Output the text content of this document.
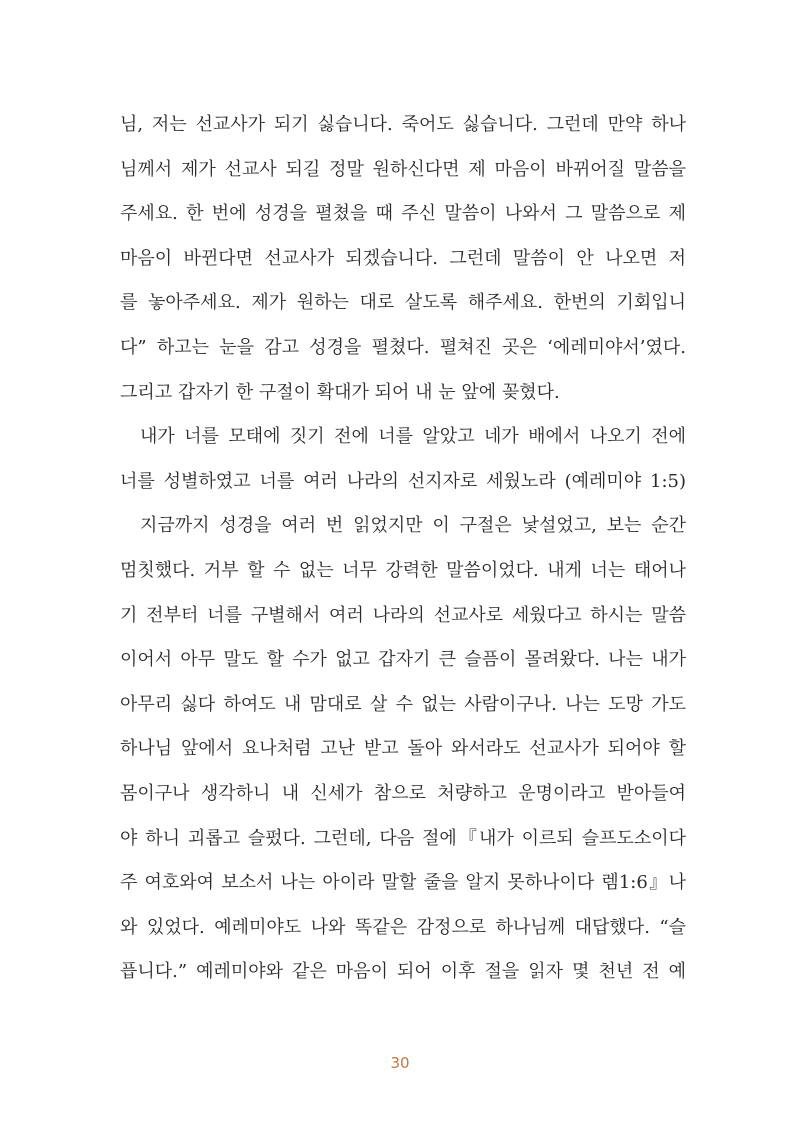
님, 저는 선교사가 되기 싫습니다. 죽어도 싫습니다. 그런데 만약 하나
님께서 제가 선교사 되길 정말 원하신다면 제 마음이 바뀌어질 말씀을
주세요. 한 번에 성경을 펼쳤을 때 주신 말씀이 나와서 그 말씀으로 제
마음이 바뀐다면 선교사가 되겠습니다. 그런데 말씀이 안 나오면 저
를 놓아주세요. 제가 원하는 대로 살도록 해주세요. 한번의 기회입니
다” 하고는 눈을 감고 성경을 펼쳤다. 펼쳐진 곳은 ‘에레미야서’였다.
그리고 갑자기 한 구절이 확대가 되어 내 눈 앞에 꽂혔다.
내가 너를 모태에 짓기 전에 너를 알았고 네가 배에서 나오기 전에
너를 성별하였고 너를 여러 나라의 선지자로 세웠노라 (예레미야 1:5)
지금까지 성경을 여러 번 읽었지만 이 구절은 낯설었고, 보는 순간
멈칫했다. 거부 할 수 없는 너무 강력한 말씀이었다. 내게 너는 태어나
기 전부터 너를 구별해서 여러 나라의 선교사로 세웠다고 하시는 말씀
이어서 아무 말도 할 수가 없고 갑자기 큰 슬픔이 몰려왔다. 나는 내가
아무리 싫다 하여도 내 맘대로 살 수 없는 사람이구나. 나는 도망 가도
하나님 앞에서 요나처럼 고난 받고 돌아 와서라도 선교사가 되어야 할
몸이구나 생각하니 내 신세가 참으로 처량하고 운명이라고 받아들여
야 하니 괴롭고 슬펐다. 그런데, 다음 절에『내가 이르되 슬프도소이다
주 여호와여 보소서 나는 아이라 말할 줄을 알지 못하나이다 렘1:6』나
와 있었다. 예레미야도 나와 똑같은 감정으로 하나님께 대답했다. “슬
픕니다.” 예레미야와 같은 마음이 되어 이후 절을 읽자 몇 천년 전 예
30
